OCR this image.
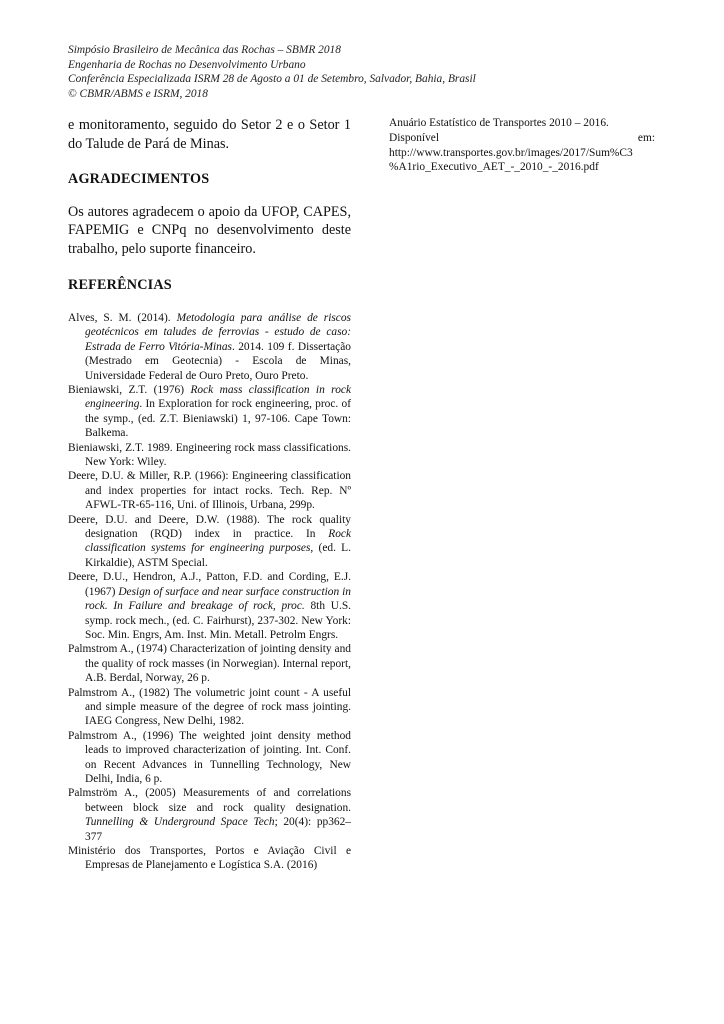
Simpósio Brasileiro de Mecânica das Rochas – SBMR 2018
Engenharia de Rochas no Desenvolvimento Urbano
Conferência Especializada ISRM 28 de Agosto a 01 de Setembro, Salvador, Bahia, Brasil
© CBMR/ABMS e ISRM, 2018

e monitoramento, seguido do Setor 2 e o Setor 1 do Talude de Pará de Minas.

AGRADECIMENTOS

Os autores agradecem o apoio da UFOP, CAPES, FAPEMIG e CNPq no desenvolvimento deste trabalho, pelo suporte financeiro.

REFERÊNCIAS

Alves, S. M. (2014). Metodologia para análise de riscos geotécnicos em taludes de ferrovias - estudo de caso: Estrada de Ferro Vitória-Minas. 2014. 109 f. Dissertação (Mestrado em Geotecnia) - Escola de Minas, Universidade Federal de Ouro Preto, Ouro Preto.

Bieniawski, Z.T. (1976) Rock mass classification in rock engineering. In Exploration for rock engineering, proc. of the symp., (ed. Z.T. Bieniawski) 1, 97-106. Cape Town: Balkema.

Bieniawski, Z.T. 1989. Engineering rock mass classifications. New York: Wiley.

Deere, D.U. & Miller, R.P. (1966): Engineering classification and index properties for intact rocks. Tech. Rep. Nº AFWL-TR-65-116, Uni. of Illinois, Urbana, 299p.

Deere, D.U. and Deere, D.W. (1988). The rock quality designation (RQD) index in practice. In Rock classification systems for engineering purposes, (ed. L. Kirkaldie), ASTM Special.

Deere, D.U., Hendron, A.J., Patton, F.D. and Cording, E.J. (1967) Design of surface and near surface construction in rock. In Failure and breakage of rock, proc. 8th U.S. symp. rock mech., (ed. C. Fairhurst), 237-302. New York: Soc. Min. Engrs, Am. Inst. Min. Metall. Petrolm Engrs.

Palmstrom A., (1974) Characterization of jointing density and the quality of rock masses (in Norwegian). Internal report, A.B. Berdal, Norway, 26 p.

Palmstrom A., (1982) The volumetric joint count - A useful and simple measure of the degree of rock mass jointing. IAEG Congress, New Delhi, 1982.

Palmstrom A., (1996) The weighted joint density method leads to improved characterization of jointing. Int. Conf. on Recent Advances in Tunnelling Technology, New Delhi, India, 6 p.

Palmström A., (2005) Measurements of and correlations between block size and rock quality designation. Tunnelling & Underground Space Tech; 20(4): pp362–377

Ministério dos Transportes, Portos e Aviação Civil e Empresas de Planejamento e Logística S.A. (2016)

Anuário Estatístico de Transportes 2010 – 2016.
Disponível	em:
http://www.transportes.gov.br/images/2017/Sum%C3
%A1rio_Executivo_AET_-_2010_-_2016.pdf
